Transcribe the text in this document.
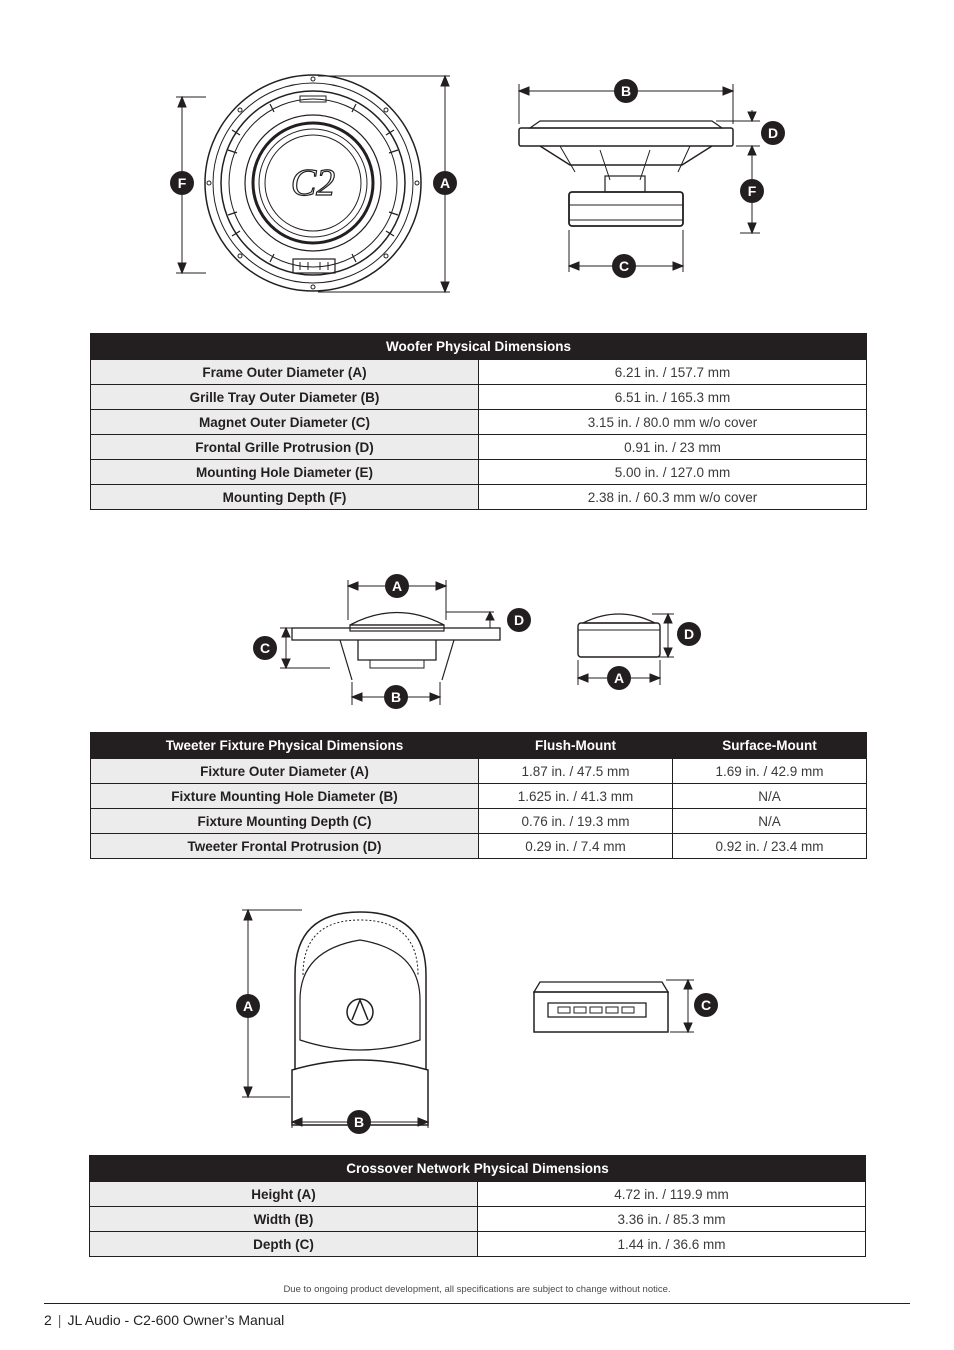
C2
F	A
B
C
D
F
Woofer Physical Dimensions	
Frame Outer Diameter (A)	6.21 in. / 157.7 mm
Grille Tray Outer Diameter (B)	6.51 in. / 165.3 mm
Magnet Outer Diameter (C)	3.15 in. / 80.0 mm w/o cover
Frontal Grille Protrusion (D)	0.91 in. / 23 mm
Mounting Hole Diameter (E)	5.00 in. / 127.0 mm
Mounting Depth (F)	2.38 in. / 60.3 mm w/o cover
A
B
C
D
A
D
Tweeter Fixture Physical Dimensions	Flush-Mount	Surface-Mount
Fixture Outer Diameter (A)	1.87 in. / 47.5 mm	1.69 in. / 42.9 mm
Fixture Mounting Hole Diameter (B)	1.625 in. / 41.3 mm	N/A
Fixture Mounting Depth (C)	0.76 in. / 19.3 mm	N/A
Tweeter Frontal Protrusion (D)	0.29 in. / 7.4 mm	0.92 in. / 23.4 mm
A
B
C
Crossover Network Physical Dimensions	
Height (A)	4.72 in. / 119.9 mm
Width (B)	3.36 in. / 85.3 mm
Depth (C)	1.44 in. / 36.6 mm
Due to ongoing product development, all specifications are subject to change without notice.
2 | JL Audio - C2-600 Owner’s Manual
